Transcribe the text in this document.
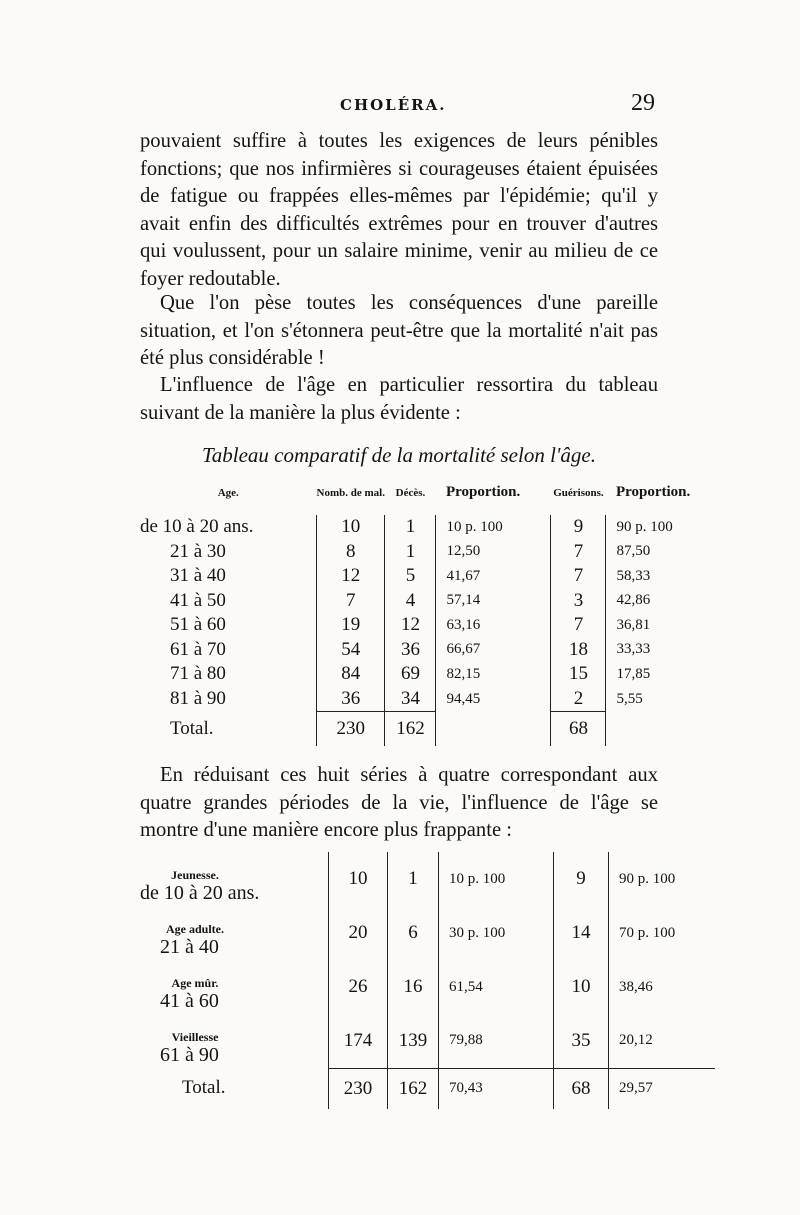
CHOLÉRA.	29

pouvaient suffire à toutes les exigences de leurs pénibles fonctions; que nos infirmières si courageuses étaient épuisées de fatigue ou frappées elles-mêmes par l'épidémie; qu'il y avait enfin des difficultés extrêmes pour en trouver d'autres qui voulussent, pour un salaire minime, venir au milieu de ce foyer redoutable.

Que l'on pèse toutes les conséquences d'une pareille situation, et l'on s'étonnera peut-être que la mortalité n'ait pas été plus considérable !

L'influence de l'âge en particulier ressortira du tableau suivant de la manière la plus évidente :

Tableau comparatif de la mortalité selon l'âge.
Age.	Nomb. de mal.	Décès.	Proportion.	Guérisons.	Proportion.
de 10 à 20 ans.	10	1	10 p. 100	9	90 p. 100
21 à 30	8	1	12,50	7	87,50
31 à 40	12	5	41,67	7	58,33
41 à 50	7	4	57,14	3	42,86
51 à 60	19	12	63,16	7	36,81
61 à 70	54	36	66,67	18	33,33
71 à 80	84	69	82,15	15	17,85
81 à 90	36	34	94,45	2	5,55
Total.	230	162		68	

En réduisant ces huit séries à quatre correspondant aux quatre grandes périodes de la vie, l'influence de l'âge se montre d'une manière encore plus frappante :

Jeunesse.
de 10 à 20 ans.	10	1	10 p. 100	9	90 p. 100

Age adulte.
21 à 40	20	6	30 p. 100	14	70 p. 100

Age mûr.
41 à 60	26	16	61,54	10	38,46

Vieillesse
61 à 90	174	139	79,88	35	20,12
Total.	230	162	70,43	68	29,57
